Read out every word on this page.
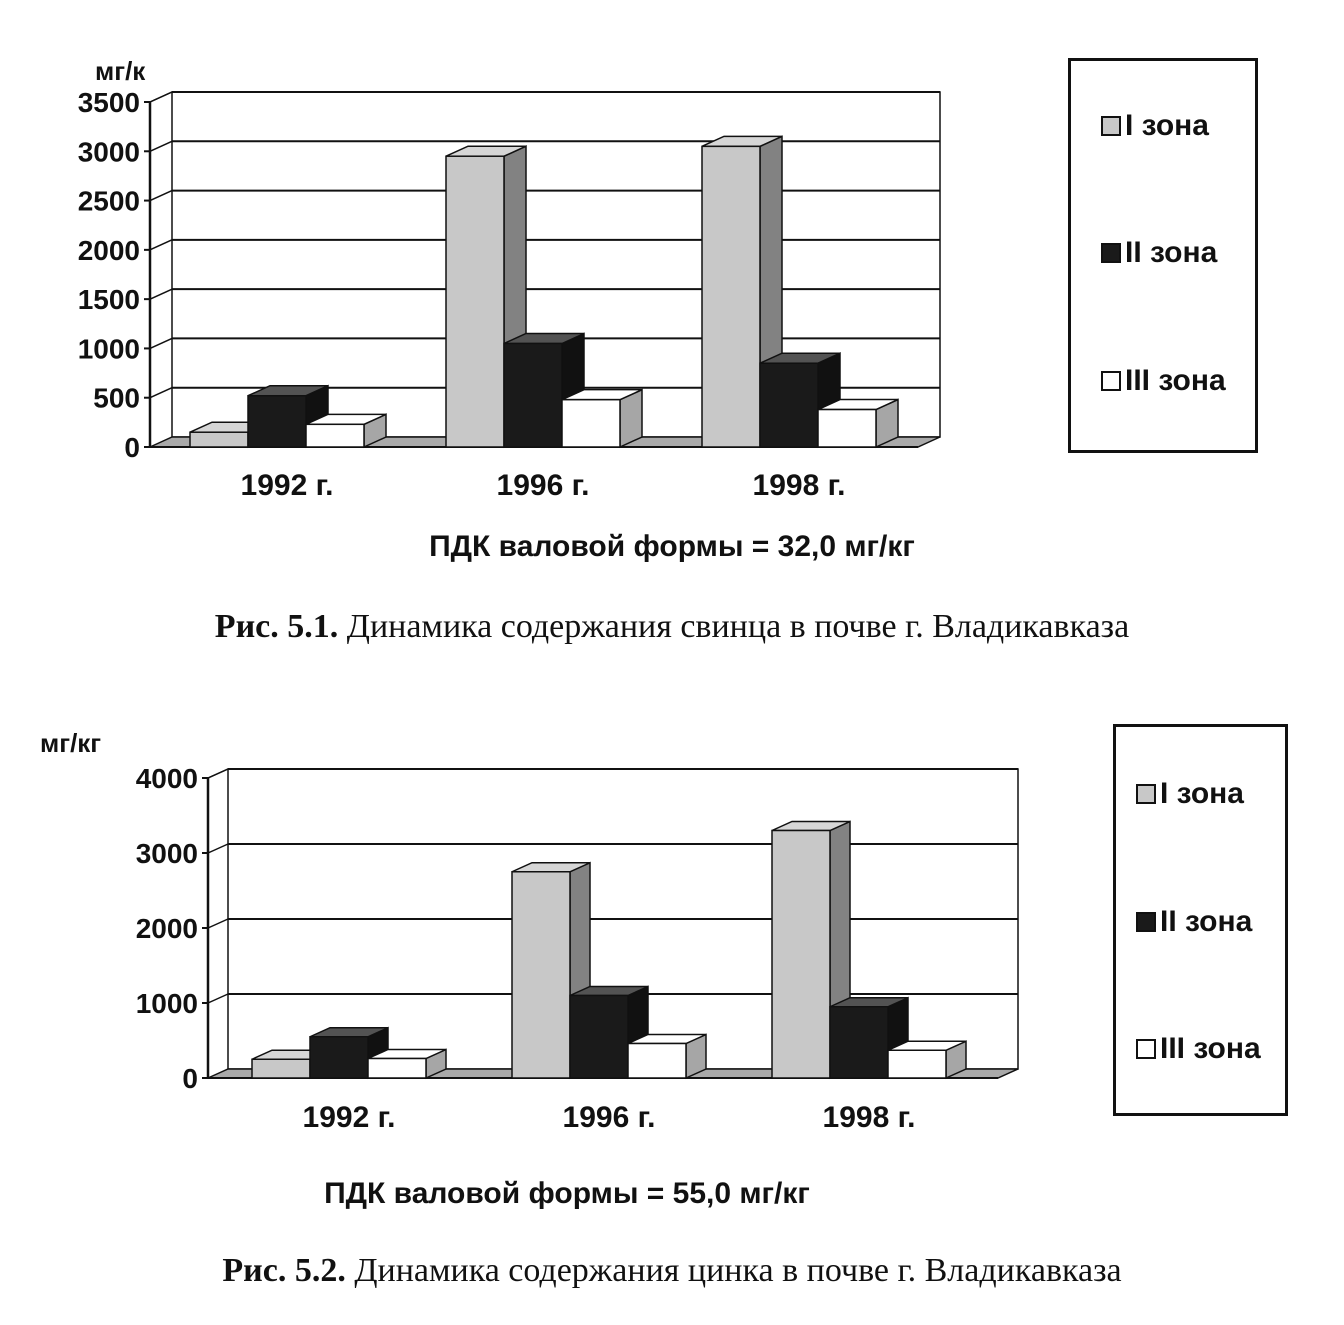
0
500
1000
1500
2000
2500
3000
3500
мг/к
1992 г.	1996 г.	1998 г.
I зона
II зона
III зона
ПДК валовой формы = 32,0 мг/кг
Рис. 5.1. Динамика содержания свинца в почве г. Владикавказа
0
1000
2000
3000
4000
мг/кг
1992 г.	1996 г.	1998 г.
I зона
II зона
III зона
ПДК валовой формы = 55,0 мг/кг
Рис. 5.2. Динамика содержания цинка в почве г. Владикавказа
